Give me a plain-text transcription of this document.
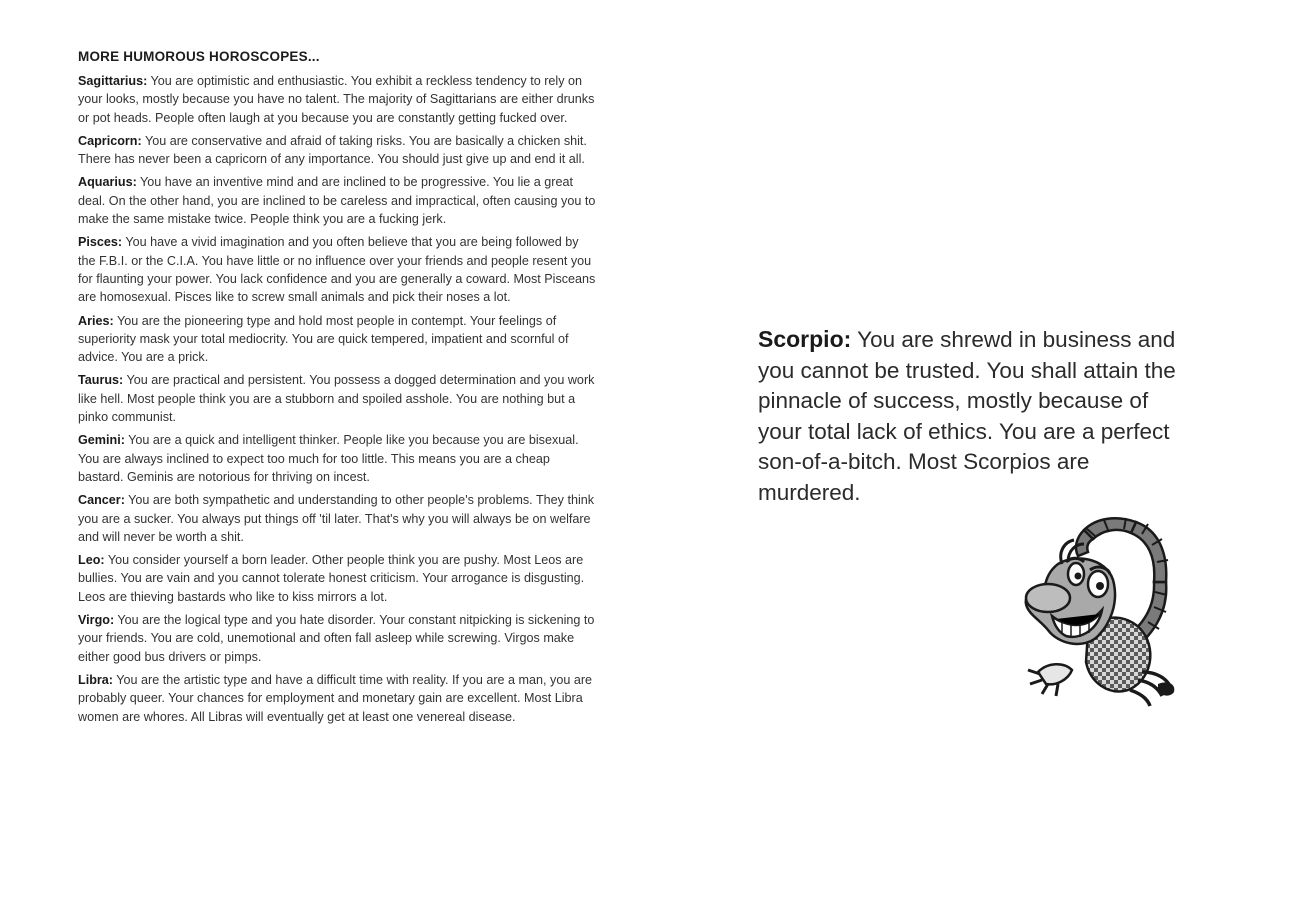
MORE HUMOROUS HOROSCOPES...

Sagittarius: You are optimistic and enthusiastic. You exhibit a reckless tendency to rely on your looks, mostly because you have no talent. The majority of Sagittarians are either drunks or pot heads. People often laugh at you because you are constantly getting fucked over.

Capricorn: You are conservative and afraid of taking risks. You are basically a chicken shit. There has never been a capricorn of any importance. You should just give up and end it all.

Aquarius: You have an inventive mind and are inclined to be progressive. You lie a great deal. On the other hand, you are inclined to be careless and impractical, often causing you to make the same mistake twice. People think you are a fucking jerk.

Pisces: You have a vivid imagination and you often believe that you are being followed by the F.B.I. or the C.I.A. You have little or no influence over your friends and people resent you for flaunting your power. You lack confidence and you are generally a coward. Most Pisceans are homosexual. Pisces like to screw small animals and pick their noses a lot.

Aries: You are the pioneering type and hold most people in contempt. Your feelings of superiority mask your total mediocrity. You are quick tempered, impatient and scornful of advice. You are a prick.

Taurus: You are practical and persistent. You possess a dogged determination and you work like hell. Most people think you are a stubborn and spoiled asshole. You are nothing but a pinko communist.

Gemini: You are a quick and intelligent thinker. People like you because you are bisexual. You are always inclined to expect too much for too little. This means you are a cheap bastard. Geminis are notorious for thriving on incest.

Cancer: You are both sympathetic and understanding to other people's problems. They think you are a sucker. You always put things off 'til later. That's why you will always be on welfare and will never be worth a shit.

Leo: You consider yourself a born leader. Other people think you are pushy. Most Leos are bullies. You are vain and you cannot tolerate honest criticism. Your arrogance is disgusting. Leos are thieving bastards who like to kiss mirrors a lot.

Virgo: You are the logical type and you hate disorder. Your constant nitpicking is sickening to your friends. You are cold, unemotional and often fall asleep while screwing. Virgos make either good bus drivers or pimps.

Libra: You are the artistic type and have a difficult time with reality. If you are a man, you are probably queer. Your chances for employment and monetary gain are excellent. Most Libra women are whores. All Libras will eventually get at least one venereal disease.

Scorpio: You are shrewd in business and you cannot be trusted. You shall attain the pinnacle of success, mostly because of your total lack of ethics. You are a perfect son-of-a-bitch. Most Scorpios are murdered.
